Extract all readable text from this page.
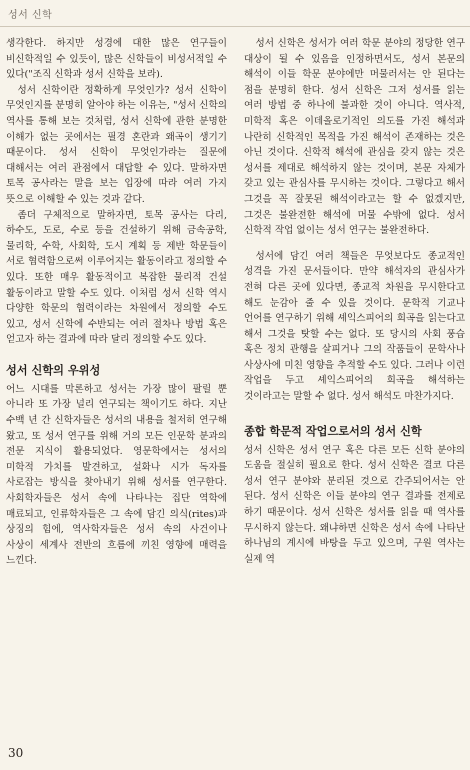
성서 신학

생각한다. 하지만 성경에 대한 많은 연구들이 비신학적일 수 있듯이, 많은 신학들이 비성서적일 수 있다("조직 신학과 성서 신학을 보라).

성서 신학이란 정확하게 무엇인가? 성서 신학이 무엇인지를 분명히 알아야 하는 이유는, "성서 신학의 역사를 통해 보는 것처럼, 성서 신학에 관한 분명한 이해가 없는 곳에서는 필경 혼란과 왜곡이 생기기 때문이다. 성서 신학이 무엇인가라는 질문에 대해서는 여러 관점에서 대답할 수 있다. 말하자면 토목 공사라는 말을 보는 입장에 따라 여러 가지 뜻으로 이해할 수 있는 것과 같다.

좀더 구체적으로 말하자면, 토목 공사는 다리, 하수도, 도로, 수로 등을 건설하기 위해 금속공학, 물리학, 수학, 사회학, 도시 계획 등 제반 학문들이 서로 협력함으로써 이루어지는 활동이라고 정의할 수 있다. 또한 매우 활동적이고 복잡한 물리적 건설 활동이라고 말할 수도 있다. 이처럼 성서 신학 역시 다양한 학문의 협력이라는 차원에서 정의할 수도 있고, 성서 신학에 수반되는 여러 절차나 방법 혹은 얻고자 하는 결과에 따라 달리 정의할 수도 있다.

성서 신학의 우위성

어느 시대를 막론하고 성서는 가장 많이 팔릴 뿐 아니라 또 가장 널리 연구되는 책이기도 하다. 지난 수백 년 간 신학자들은 성서의 내용을 철저히 연구해 왔고, 또 성서 연구를 위해 거의 모든 인문학 분과의 전문 지식이 활용되었다. 영문학에서는 성서의 미학적 가치를 발견하고, 설화나 시가 독자를 사로잡는 방식을 찾아내기 위해 성서를 연구한다. 사회학자들은 성서 속에 나타나는 집단 역학에 매료되고, 인류학자들은 그 속에 담긴 의식(rites)과 상징의 힘에, 역사학자들은 성서 속의 사건이나 사상이 세계사 전반의 흐름에 끼친 영향에 매력을 느낀다.

성서 신학은 성서가 여러 학문 분야의 정당한 연구 대상이 될 수 있음을 인정하면서도, 성서 본문의 해석이 이들 학문 분야에만 머물러서는 안 된다는 점을 분명히 한다. 성서 신학은 그저 성서를 읽는 여러 방법 중 하나에 불과한 것이 아니다. 역사적, 미학적 혹은 이데올로기적인 의도를 가진 해석과 나란히 신학적인 목적을 가진 해석이 존재하는 것은 아닌 것이다. 신학적 해석에 관심을 갖지 않는 것은 성서를 제대로 해석하지 않는 것이며, 본문 자체가 갖고 있는 관심사를 무시하는 것이다. 그렇다고 해서 그것을 꼭 잘못된 해석이라고는 할 수 없겠지만, 그것은 불완전한 해석에 머물 수밖에 없다. 성서 신학적 작업 없이는 성서 연구는 불완전하다.

성서에 담긴 여러 책들은 무엇보다도 종교적인 성격을 가진 문서들이다. 만약 해석자의 관심사가 전혀 다른 곳에 있다면, 종교적 차원을 무시한다고 해도 눈감아 줄 수 있을 것이다. 문학적 기교나 언어를 연구하기 위해 셰익스피어의 희곡을 읽는다고 해서 그것을 탓할 수는 없다. 또 당시의 사회 풍습 혹은 정치 관행을 살피거나 그의 작품들이 문학사나 사상사에 미친 영향을 추적할 수도 있다. 그러나 이런 작업을 두고 셰익스피어의 희곡을 해석하는 것이라고는 말할 수 없다. 성서 해석도 마찬가지다.

종합 학문적 작업으로서의 성서 신학

성서 신학은 성서 연구 혹은 다른 모든 신학 분야의 도움을 절실히 필요로 한다. 성서 신학은 결코 다른 성서 연구 분야와 분리된 것으로 간주되어서는 안 된다. 성서 신학은 이들 분야의 연구 결과를 전제로 하기 때문이다. 성서 신학은 성서를 읽을 때 역사를 무시하지 않는다. 왜냐하면 신학은 성서 속에 나타난 하나님의 계시에 바탕을 두고 있으며, 구원 역사는 실제 역

30
